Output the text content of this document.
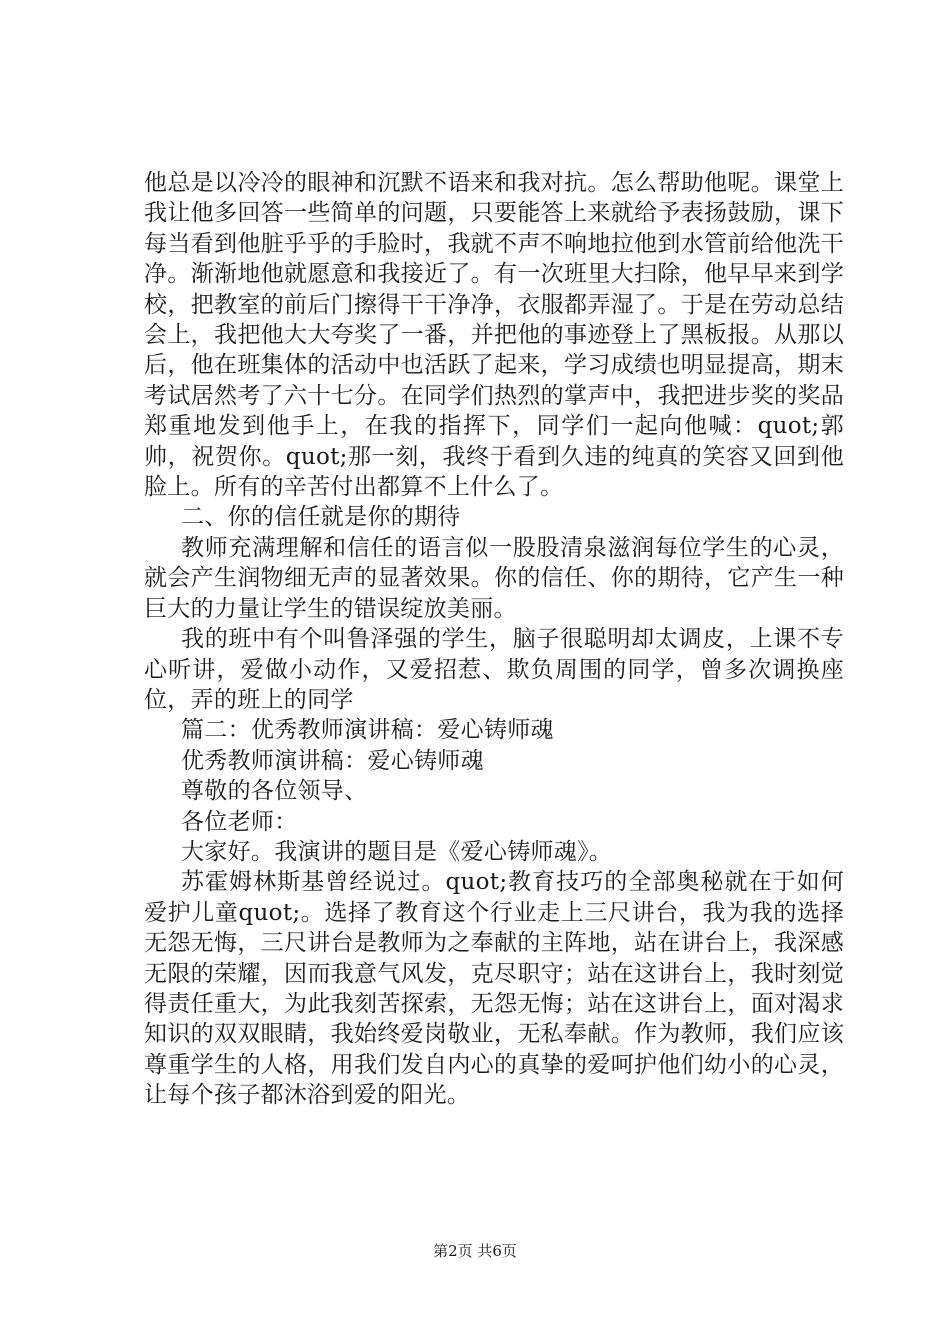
他总是以冷冷的眼神和沉默不语来和我对抗。怎么帮助他呢。课堂上我让他多回答一些简单的问题，只要能答上来就给予表扬鼓励，课下每当看到他脏乎乎的手脸时，我就不声不响地拉他到水管前给他洗干净。渐渐地他就愿意和我接近了。有一次班里大扫除，他早早来到学校，把教室的前后门擦得干干净净，衣服都弄湿了。于是在劳动总结会上，我把他大大夸奖了一番，并把他的事迹登上了黑板报。从那以后，他在班集体的活动中也活跃了起来，学习成绩也明显提高，期末考试居然考了六十七分。在同学们热烈的掌声中，我把进步奖的奖品郑重地发到他手上，在我的指挥下，同学们一起向他喊：quot;郭帅，祝贺你。quot;那一刻，我终于看到久违的纯真的笑容又回到他脸上。所有的辛苦付出都算不上什么了。

二、你的信任就是你的期待

教师充满理解和信任的语言似一股股清泉滋润每位学生的心灵，就会产生润物细无声的显著效果。你的信任、你的期待，它产生一种巨大的力量让学生的错误绽放美丽。

我的班中有个叫鲁泽强的学生，脑子很聪明却太调皮，上课不专心听讲，爱做小动作，又爱招惹、欺负周围的同学，曾多次调换座位，弄的班上的同学

篇二：优秀教师演讲稿：爱心铸师魂

优秀教师演讲稿：爱心铸师魂

尊敬的各位领导、

各位老师：

大家好。我演讲的题目是《爱心铸师魂》。

苏霍姆林斯基曾经说过。quot;教育技巧的全部奥秘就在于如何爱护儿童quot;。选择了教育这个行业走上三尺讲台，我为我的选择无怨无悔，三尺讲台是教师为之奉献的主阵地，站在讲台上，我深感无限的荣耀，因而我意气风发，克尽职守；站在这讲台上，我时刻觉得责任重大，为此我刻苦探索，无怨无悔；站在这讲台上，面对渴求知识的双双眼睛，我始终爱岗敬业，无私奉献。作为教师，我们应该尊重学生的人格，用我们发自内心的真挚的爱呵护他们幼小的心灵，让每个孩子都沐浴到爱的阳光。

第2页 共6页
